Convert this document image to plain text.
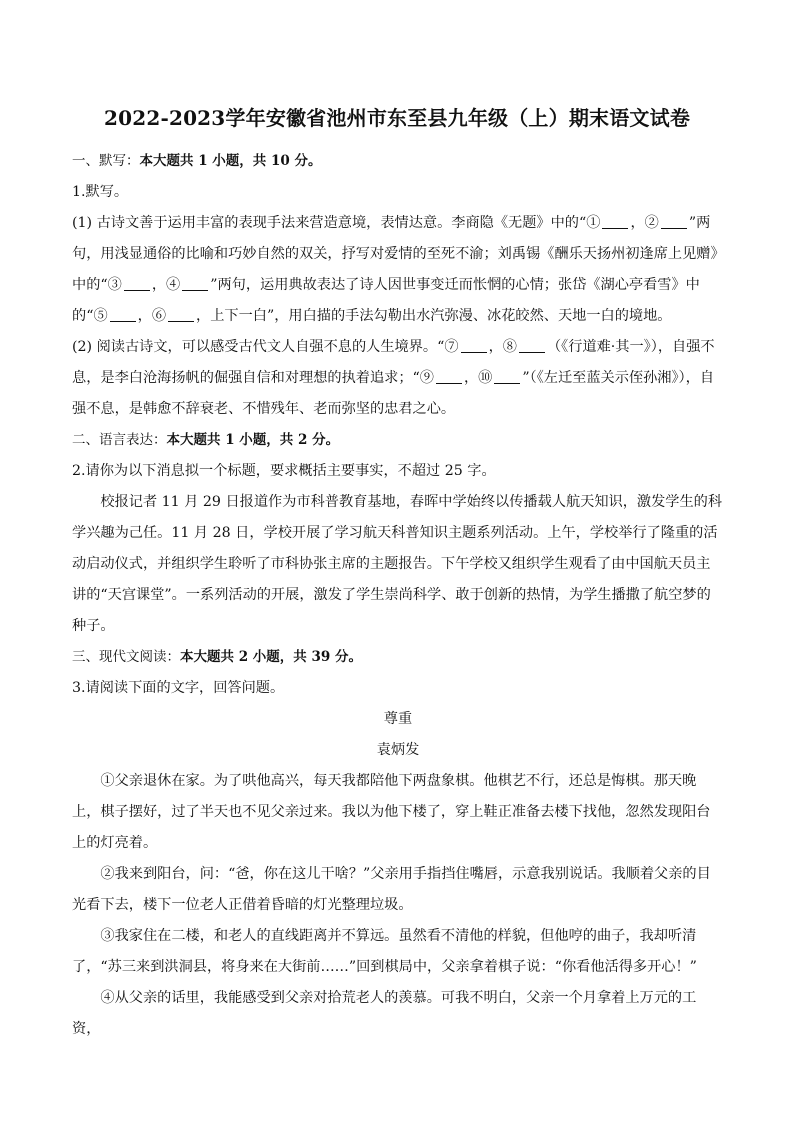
2022-2023学年安徽省池州市东至县九年级（上）期末语文试卷

一、默写：本大题共 1 小题，共 10 分。

1.默写。

(1) 古诗文善于运用丰富的表现手法来营造意境，表情达意。李商隐《无题》中的“① ，② ”两句，用浅显通俗的比喻和巧妙自然的双关，抒写对爱情的至死不渝；刘禹锡《酬乐天扬州初逢席上见赠》中的“③ ，④ ”两句，运用典故表达了诗人因世事变迁而怅惘的心情；张岱《湖心亭看雪》中的“⑤ ，⑥ ，上下一白”，用白描的手法勾勒出水汽弥漫、冰花皎然、天地一白的境地。

(2) 阅读古诗文，可以感受古代文人自强不息的人生境界。“⑦ ，⑧ （《行道难·其一》），自强不息，是李白沧海扬帆的倔强自信和对理想的执着追求；“⑨ ，⑩ ”（《左迁至蓝关示侄孙湘》），自强不息，是韩愈不辞衰老、不惜残年、老而弥坚的忠君之心。

二、语言表达：本大题共 1 小题，共 2 分。

2.请你为以下消息拟一个标题，要求概括主要事实，不超过 25 字。

校报记者 11 月 29 日报道作为市科普教育基地，春晖中学始终以传播载人航天知识，激发学生的科学兴趣为己任。11 月 28 日，学校开展了学习航天科普知识主题系列活动。上午，学校举行了隆重的活动启动仪式，并组织学生聆听了市科协张主席的主题报告。下午学校又组织学生观看了由中国航天员主讲的“天宫课堂”。一系列活动的开展，激发了学生崇尚科学、敢于创新的热情，为学生播撒了航空梦的种子。

三、现代文阅读：本大题共 2 小题，共 39 分。

3.请阅读下面的文字，回答问题。

尊重

袁炳发

①父亲退休在家。为了哄他高兴，每天我都陪他下两盘象棋。他棋艺不行，还总是悔棋。那天晚上，棋子摆好，过了半天也不见父亲过来。我以为他下楼了，穿上鞋正准备去楼下找他，忽然发现阳台上的灯亮着。

②我来到阳台，问：“爸，你在这儿干啥？”父亲用手指挡住嘴唇，示意我别说话。我顺着父亲的目光看下去，楼下一位老人正借着昏暗的灯光整理垃圾。

③我家住在二楼，和老人的直线距离并不算远。虽然看不清他的样貌，但他哼的曲子，我却听清了，“苏三来到洪洞县，将身来在大街前……”回到棋局中，父亲拿着棋子说：“你看他活得多开心！”

④从父亲的话里，我能感受到父亲对拾荒老人的羡慕。可我不明白，父亲一个月拿着上万元的工资，
